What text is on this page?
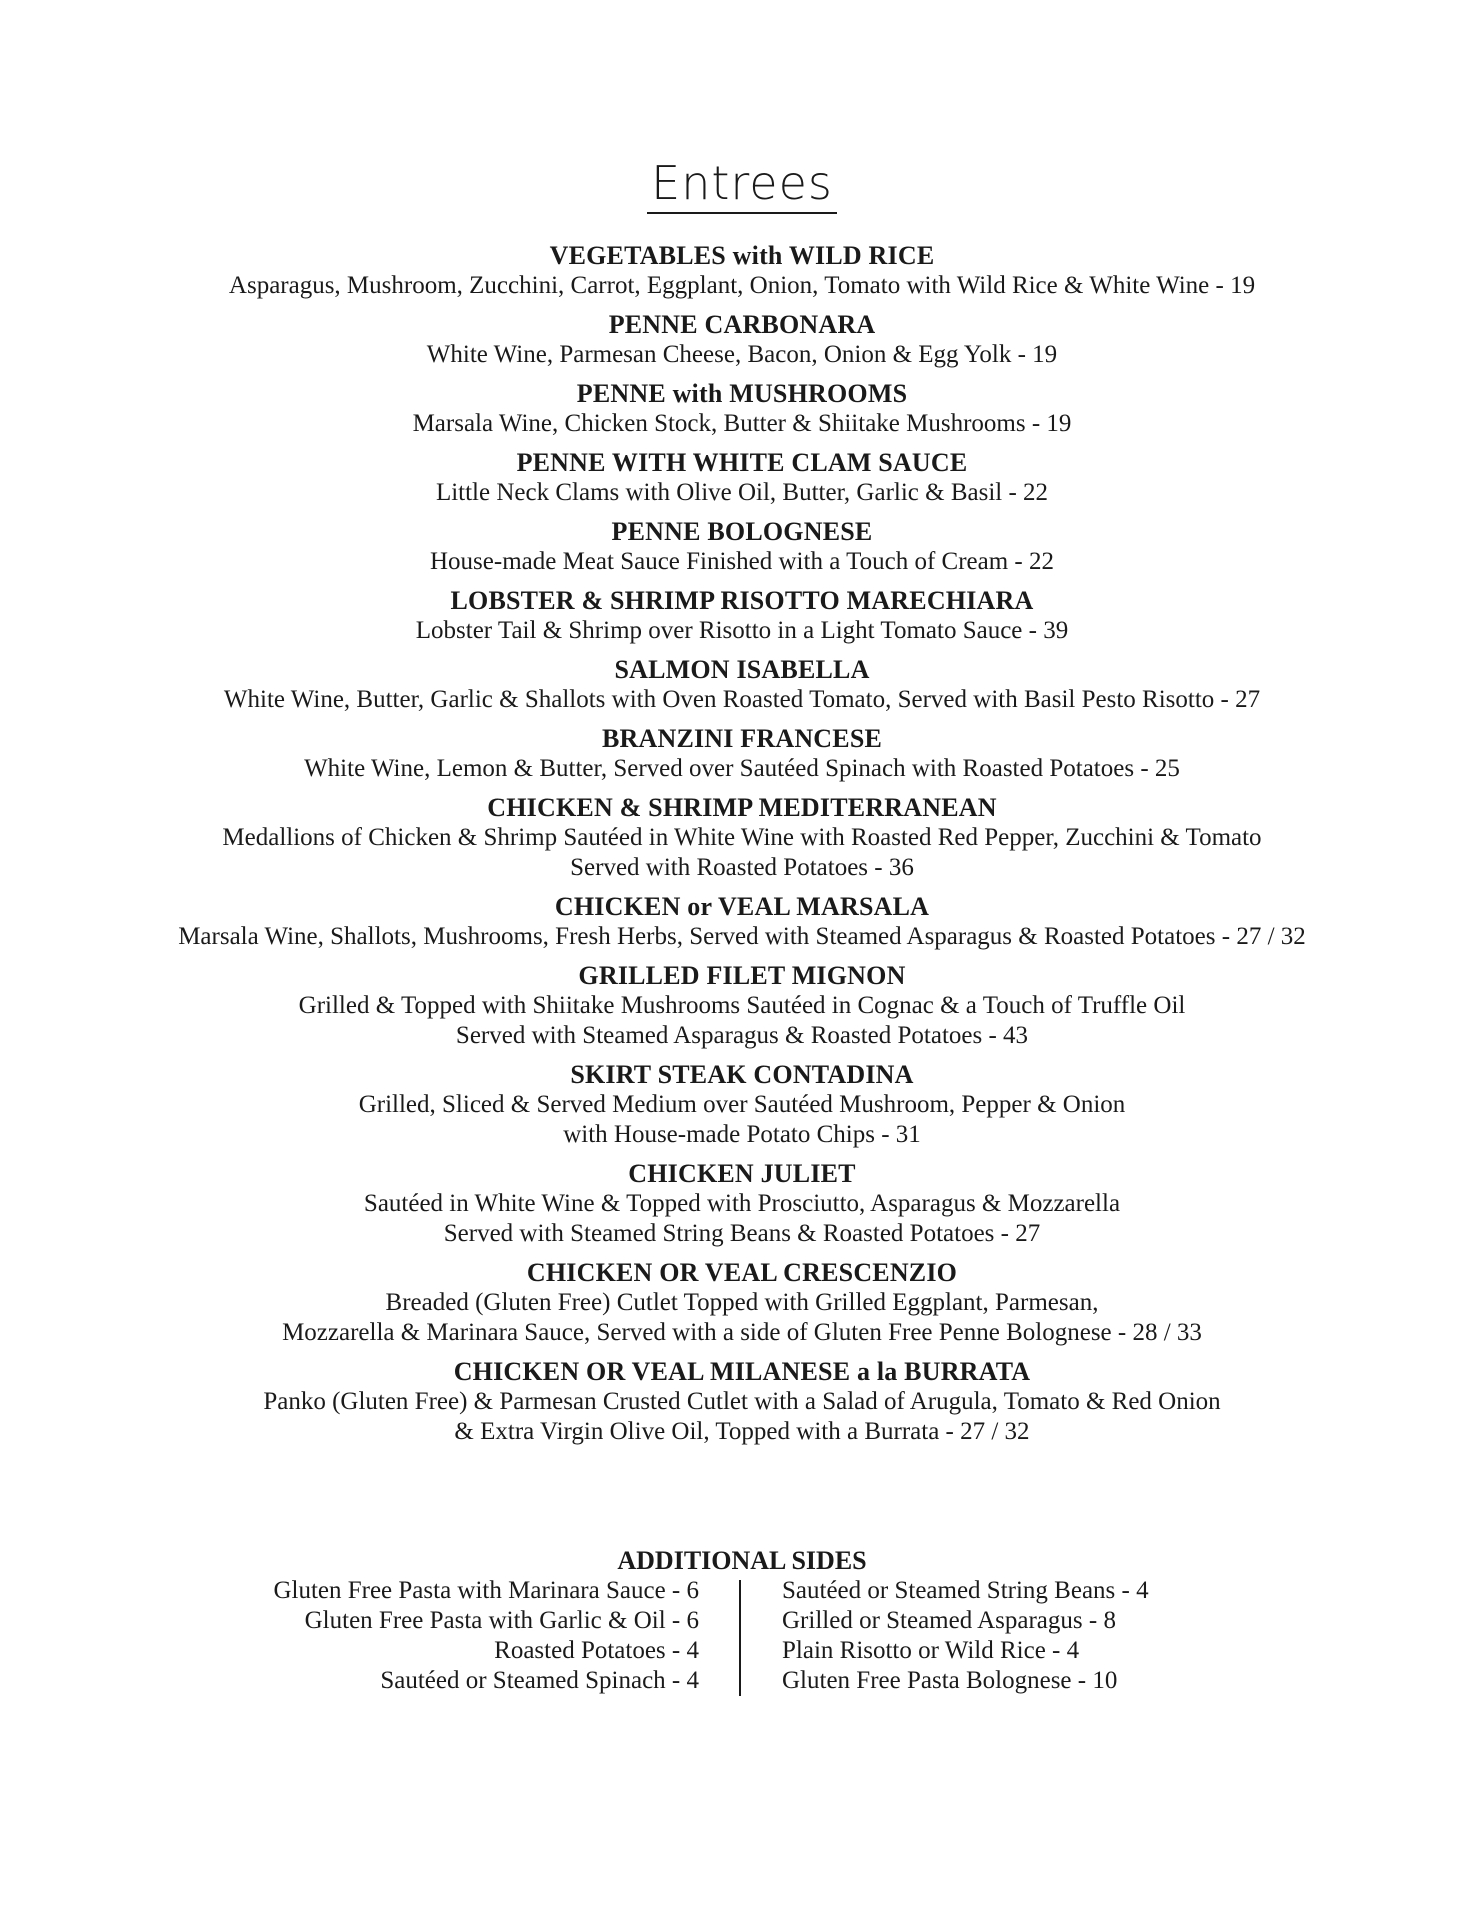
Entrees
VEGETABLES with WILD RICE
Asparagus, Mushroom, Zucchini, Carrot, Eggplant, Onion, Tomato with Wild Rice & White Wine - 19
PENNE CARBONARA
White Wine, Parmesan Cheese, Bacon, Onion & Egg Yolk - 19
PENNE with MUSHROOMS
Marsala Wine, Chicken Stock, Butter & Shiitake Mushrooms - 19
PENNE WITH WHITE CLAM SAUCE
Little Neck Clams with Olive Oil, Butter, Garlic & Basil - 22
PENNE BOLOGNESE
House-made Meat Sauce Finished with a Touch of Cream - 22
LOBSTER & SHRIMP RISOTTO MARECHIARA
Lobster Tail & Shrimp over Risotto in a Light Tomato Sauce - 39
SALMON ISABELLA
White Wine, Butter, Garlic & Shallots with Oven Roasted Tomato, Served with Basil Pesto Risotto - 27
BRANZINI FRANCESE
White Wine, Lemon & Butter, Served over Sautéed Spinach with Roasted Potatoes - 25
CHICKEN & SHRIMP MEDITERRANEAN
Medallions of Chicken & Shrimp Sautéed in White Wine with Roasted Red Pepper, Zucchini & Tomato
Served with Roasted Potatoes - 36
CHICKEN or VEAL MARSALA
Marsala Wine, Shallots, Mushrooms, Fresh Herbs, Served with Steamed Asparagus & Roasted Potatoes - 27 / 32
GRILLED FILET MIGNON
Grilled & Topped with Shiitake Mushrooms Sautéed in Cognac & a Touch of Truffle Oil
Served with Steamed Asparagus & Roasted Potatoes - 43
SKIRT STEAK CONTADINA
Grilled, Sliced & Served Medium over Sautéed Mushroom, Pepper & Onion
with House-made Potato Chips - 31
CHICKEN JULIET
Sautéed in White Wine & Topped with Prosciutto, Asparagus & Mozzarella
Served with Steamed String Beans & Roasted Potatoes - 27
CHICKEN OR VEAL CRESCENZIO
Breaded (Gluten Free) Cutlet Topped with Grilled Eggplant, Parmesan,
Mozzarella & Marinara Sauce, Served with a side of Gluten Free Penne Bolognese - 28 / 33
CHICKEN OR VEAL MILANESE a la BURRATA
Panko (Gluten Free) & Parmesan Crusted Cutlet with a Salad of Arugula, Tomato & Red Onion
& Extra Virgin Olive Oil, Topped with a Burrata - 27 / 32
ADDITIONAL SIDES
Gluten Free Pasta with Marinara Sauce - 6
Gluten Free Pasta with Garlic & Oil - 6
Roasted Potatoes - 4
Sautéed or Steamed Spinach - 4
Sautéed or Steamed String Beans - 4
Grilled or Steamed Asparagus - 8
Plain Risotto or Wild Rice - 4
Gluten Free Pasta Bolognese - 10
